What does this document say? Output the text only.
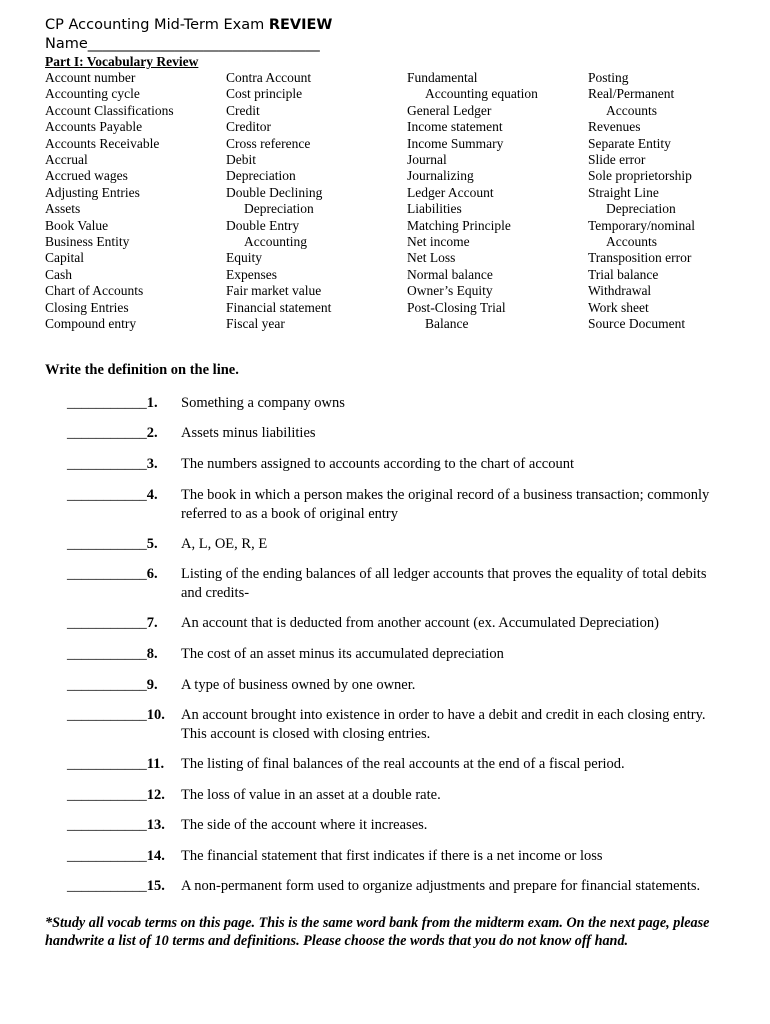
CP Accounting Mid-Term Exam REVIEW
Name________________________________
Part I: Vocabulary Review
Account number
Accounting cycle
Account Classifications
Accounts Payable
Accounts Receivable
Accrual
Accrued wages
Adjusting Entries
Assets
Book Value
Business Entity
Capital
Cash
Chart of Accounts
Closing Entries
Compound entry
Contra Account
Cost principle
Credit
Creditor
Cross reference
Debit
Depreciation
Double Declining
Depreciation
Double Entry
Accounting
Equity
Expenses
Fair market value
Financial statement
Fiscal year
Fundamental
Accounting equation
General Ledger
Income statement
Income Summary
Journal
Journalizing
Ledger Account
Liabilities
Matching Principle
Net income
Net Loss
Normal balance
Owner’s Equity
Post-Closing Trial
Balance
Posting
Real/Permanent
Accounts
Revenues
Separate Entity
Slide error
Sole proprietorship
Straight Line
Depreciation
Temporary/nominal
Accounts
Transposition error
Trial balance
Withdrawal
Work sheet
Source Document
Write the definition on the line.
___________1. Something a company owns
___________2. Assets minus liabilities
___________3. The numbers assigned to accounts according to the chart of account
___________4. The book in which a person makes the original record of a business transaction; commonly referred to as a book of original entry
___________5. A, L, OE, R, E
___________6. Listing of the ending balances of all ledger accounts that proves the equality of total debits and credits-
___________7. An account that is deducted from another account (ex. Accumulated Depreciation)
___________8. The cost of an asset minus its accumulated depreciation
___________9. A type of business owned by one owner.
___________10. An account brought into existence in order to have a debit and credit in each closing entry. This account is closed with closing entries.
___________11. The listing of final balances of the real accounts at the end of a fiscal period.
___________12. The loss of value in an asset at a double rate.
___________13. The side of the account where it increases.
___________14. The financial statement that first indicates if there is a net income or loss
___________15. A non-permanent form used to organize adjustments and prepare for financial statements.
*Study all vocab terms on this page. This is the same word bank from the midterm exam. On the next page, please handwrite a list of 10 terms and definitions. Please choose the words that you do not know off hand.
